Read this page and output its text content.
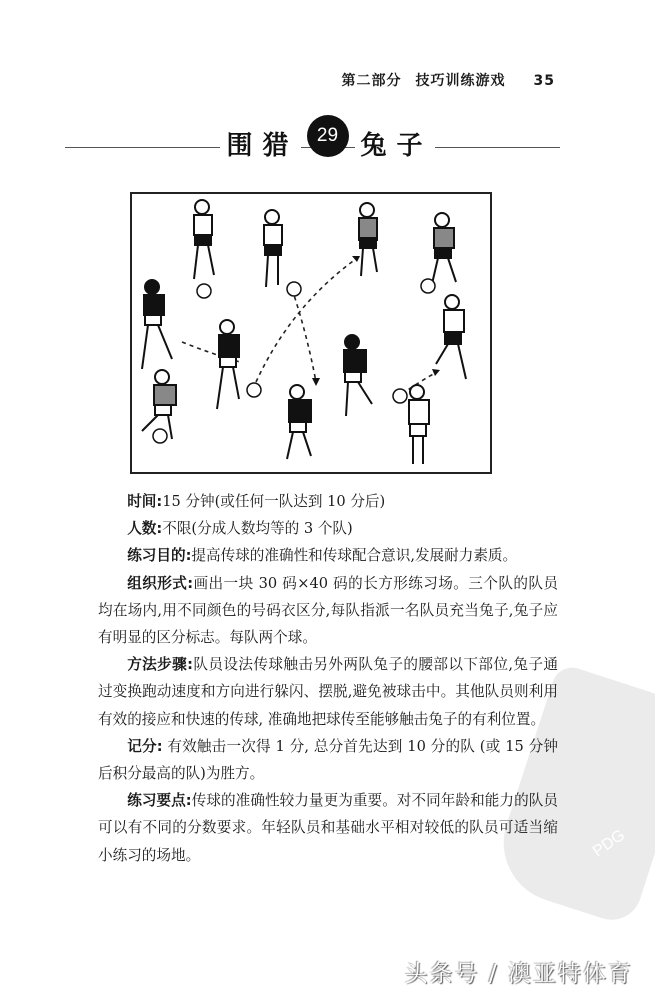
第二部分 技巧训练游戏 35
围猎 29 兔子

时间:15 分钟(或任何一队达到 10 分后)

人数:不限(分成人数均等的 3 个队)

练习目的:提高传球的准确性和传球配合意识,发展耐力素质。

组织形式:画出一块 30 码×40 码的长方形练习场。三个队的队员均在场内,用不同颜色的号码衣区分,每队指派一名队员充当兔子,兔子应有明显的区分标志。每队两个球。

方法步骤:队员设法传球触击另外两队兔子的腰部以下部位,兔子通过变换跑动速度和方向进行躲闪、摆脱,避免被球击中。其他队员则利用有效的接应和快速的传球, 准确地把球传至能够触击兔子的有利位置。

记分: 有效触击一次得 1 分, 总分首先达到 10 分的队 (或 15 分钟后积分最高的队)为胜方。

练习要点:传球的准确性较力量更为重要。对不同年龄和能力的队员可以有不同的分数要求。年轻队员和基础水平相对较低的队员可适当缩小练习的场地。	PDG
头条号 / 澳亚特体育
